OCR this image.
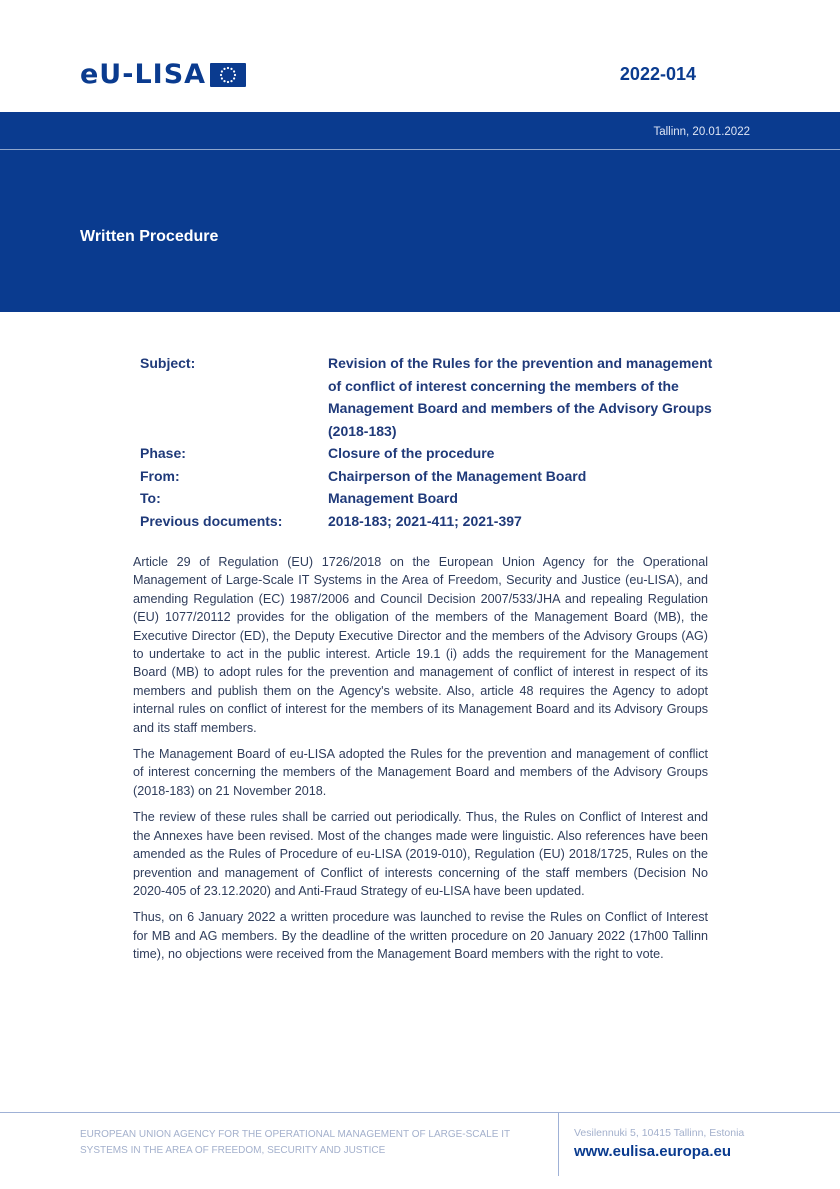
eU-LISA	2022-014
Tallinn, 20.01.2022
Written Procedure
Subject:	Revision of the Rules for the prevention and management of conflict of interest concerning the members of the Management Board and members of the Advisory Groups (2018-183)
Phase:	Closure of the procedure
From:	Chairperson of the Management Board
To:	Management Board
Previous documents:	2018-183; 2021-411; 2021-397

Article 29 of Regulation (EU) 1726/2018 on the European Union Agency for the Operational Management of Large-Scale IT Systems in the Area of Freedom, Security and Justice (eu-LISA), and amending Regulation (EC) 1987/2006 and Council Decision 2007/533/JHA and repealing Regulation (EU) 1077/20112 provides for the obligation of the members of the Management Board (MB), the Executive Director (ED), the Deputy Executive Director and the members of the Advisory Groups (AG) to undertake to act in the public interest. Article 19.1 (i) adds the requirement for the Management Board (MB) to adopt rules for the prevention and management of conflict of interest in respect of its members and publish them on the Agency's website. Also, article 48 requires the Agency to adopt internal rules on conflict of interest for the members of its Management Board and its Advisory Groups and its staff members.

The Management Board of eu-LISA adopted the Rules for the prevention and management of conflict of interest concerning the members of the Management Board and members of the Advisory Groups (2018-183) on 21 November 2018.

The review of these rules shall be carried out periodically. Thus, the Rules on Conflict of Interest and the Annexes have been revised. Most of the changes made were linguistic. Also references have been amended as the Rules of Procedure of eu-LISA (2019-010), Regulation (EU) 2018/1725, Rules on the prevention and management of Conflict of interests concerning of the staff members (Decision No 2020-405 of 23.12.2020) and Anti-Fraud Strategy of eu-LISA have been updated.

Thus, on 6 January 2022 a written procedure was launched to revise the Rules on Conflict of Interest for MB and AG members. By the deadline of the written procedure on 20 January 2022 (17h00 Tallinn time), no objections were received from the Management Board members with the right to vote.

EUROPEAN UNION AGENCY FOR THE OPERATIONAL MANAGEMENT OF LARGE-SCALE IT SYSTEMS IN THE AREA OF FREEDOM, SECURITY AND JUSTICE
Vesilennuki 5, 10415 Tallinn, Estonia
www.eulisa.europa.eu
